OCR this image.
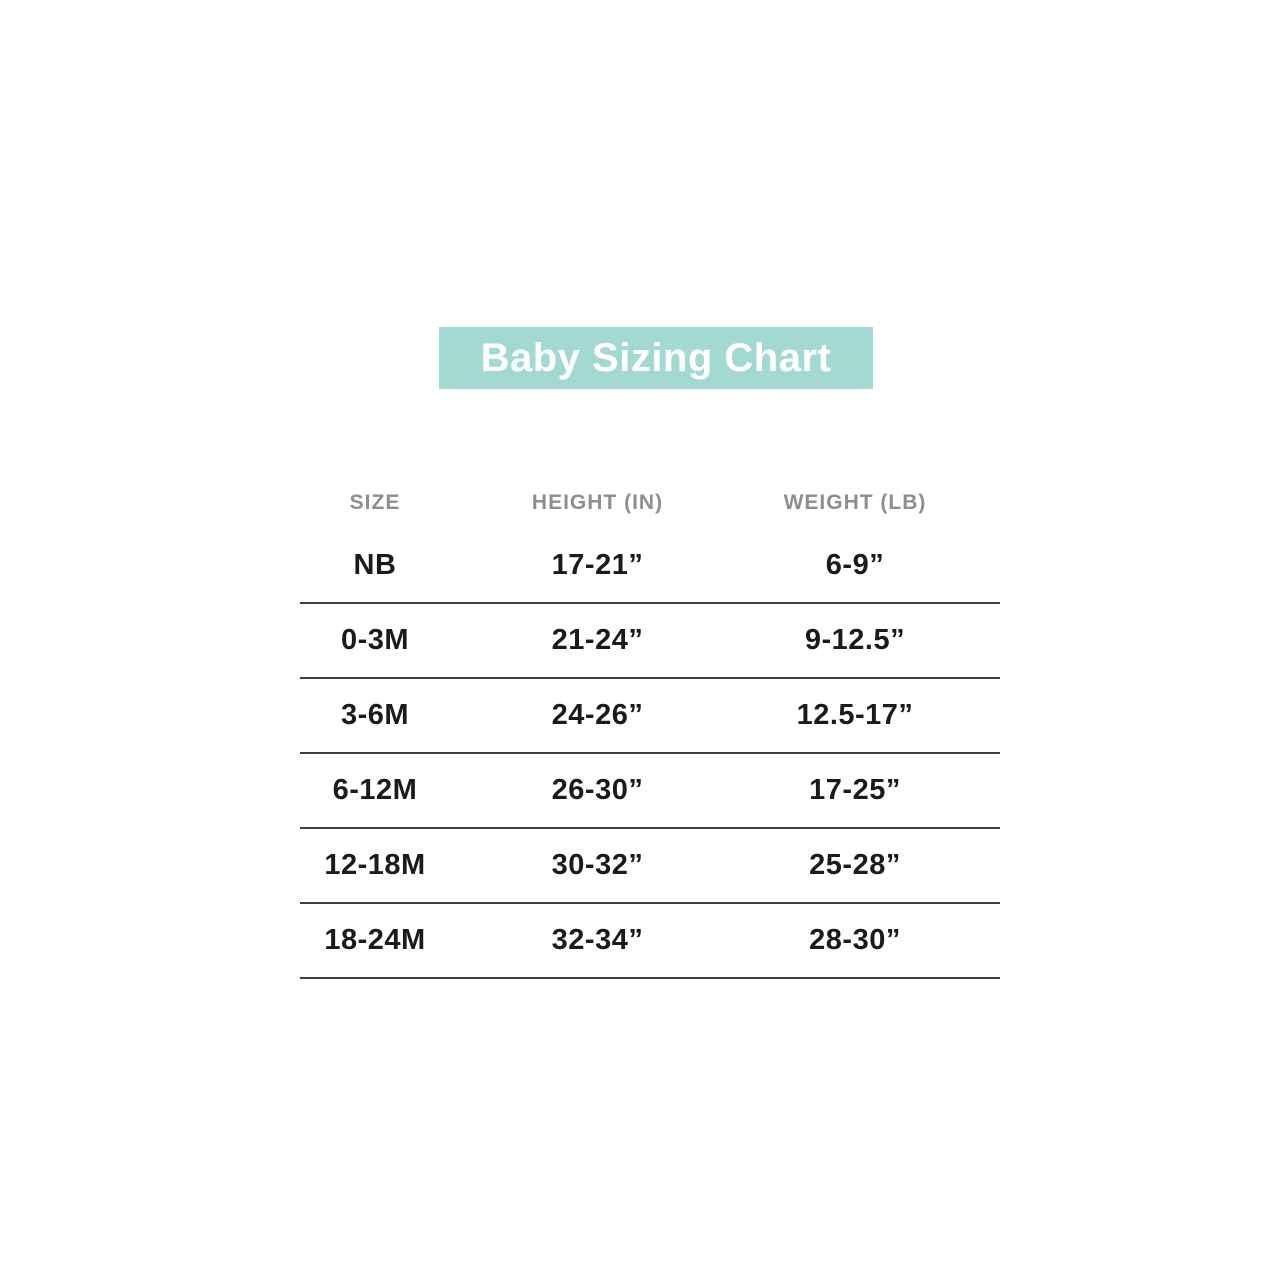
Baby Sizing Chart
SIZE	HEIGHT (IN)	WEIGHT (LB)
NB	17-21”	6-9”
0-3M	21-24”	9-12.5”
3-6M	24-26”	12.5-17”
6-12M	26-30”	17-25”
12-18M	30-32”	25-28”
18-24M	32-34”	28-30”
